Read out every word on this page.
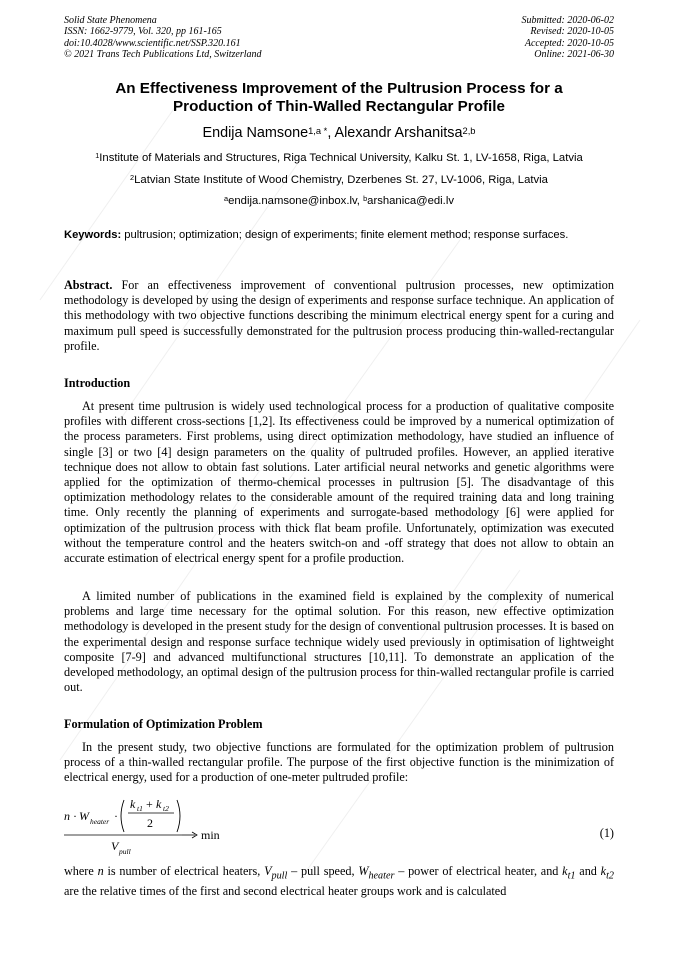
Solid State Phenomena
ISSN: 1662-9779, Vol. 320, pp 161-165
doi:10.4028/www.scientific.net/SSP.320.161
© 2021 Trans Tech Publications Ltd, Switzerland
Submitted: 2020-06-02
Revised: 2020-10-05
Accepted: 2020-10-05
Online: 2021-06-30
An Effectiveness Improvement of the Pultrusion Process for a
Production of Thin-Walled Rectangular Profile
Endija Namsone$^{1,a *}$, Alexandr Arshanitsa$^{2,b}$
$^1$Institute of Materials and Structures, Riga Technical University, Kalku St. 1, LV-1658, Riga, Latvia
$^2$Latvian State Institute of Wood Chemistry, Dzerbenes St. 27, LV-1006, Riga, Latvia
$^a$endija.namsone@inbox.lv, $^b$arshanica@edi.lv

Keywords: pultrusion; optimization; design of experiments; finite element method; response surfaces.

Abstract. For an effectiveness improvement of conventional pultrusion processes, new optimization methodology is developed by using the design of experiments and response surface technique. An application of this methodology with two objective functions describing the minimum electrical energy spent for a curing and maximum pull speed is successfully demonstrated for the pultrusion process producing thin-walled-rectangular profile.

Introduction

At present time pultrusion is widely used technological process for a production of qualitative composite profiles with different cross-sections [1,2]. Its effectiveness could be improved by a numerical optimization of the process parameters. First problems, using direct optimization methodology, have studied an influence of single [3] or two [4] design parameters on the quality of pultruded profiles. However, an applied iterative technique does not allow to obtain fast solutions. Later artificial neural networks and genetic algorithms were applied for the optimization of thermo-chemical processes in pultrusion [5]. The disadvantage of this optimization methodology relates to the considerable amount of the required training data and long training time. Only recently the planning of experiments and surrogate-based methodology [6] were applied for optimization of the pultrusion process with thick flat beam profile. Unfortunately, optimization was executed without the temperature control and the heaters switch-on and -off strategy that does not allow to obtain an accurate estimation of electrical energy spent for a profile production.

A limited number of publications in the examined field is explained by the complexity of numerical problems and large time necessary for the optimal solution. For this reason, new effective optimization methodology is developed in the present study for the design of conventional pultrusion processes. It is based on the experimental design and response surface technique widely used previously in optimisation of lightweight composite [7-9] and advanced multifunctional structures [10,11]. To demonstrate an application of the developed methodology, an optimal design of the pultrusion process for thin-walled rectangular profile is carried out.

Formulation of Optimization Problem

In the present study, two objective functions are formulated for the optimization problem of pultrusion process of a thin-walled rectangular profile. The purpose of the first objective function is the minimization of electrical energy, used for a production of one-meter pultruded profile:

n · W heater ·
k t1 + k t2
2
V pull
min	(1)

where n is number of electrical heaters, $V_{pull}$ – pull speed, $W_{heater}$ – power of electrical heater, and $k_{t1}$ and $k_{t2}$ are the relative times of the first and second electrical heater groups work and is calculated
